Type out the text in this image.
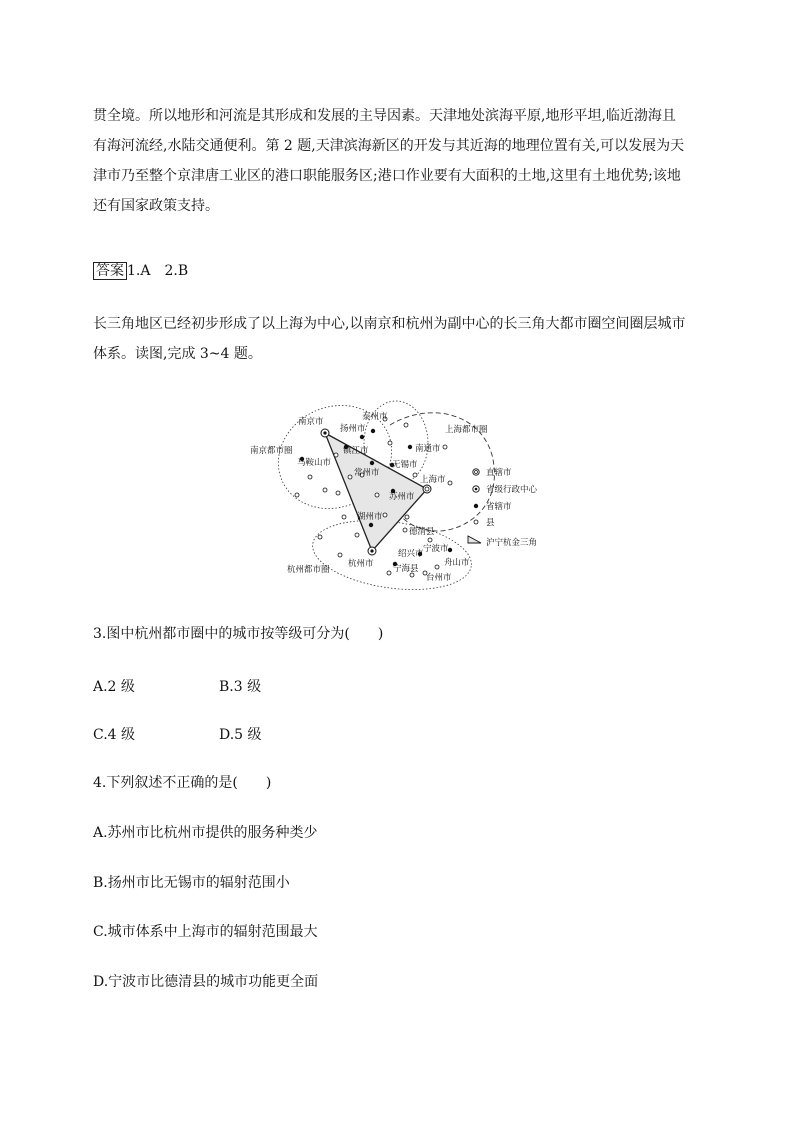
贯全境。所以地形和河流是其形成和发展的主导因素。天津地处滨海平原,地形平坦,临近渤海且
有海河流经,水陆交通便利。第 2 题,天津滨海新区的开发与其近海的地理位置有关,可以发展为天
津市乃至整个京津唐工业区的港口职能服务区;港口作业要有大面积的土地,这里有土地优势;该地
还有国家政策支持。
答案 1.A　2.B
长三角地区已经初步形成了以上海为中心,以南京和杭州为副中心的长三角大都市圈空间圈层城市
体系。读图,完成 3~4 题。
南京市	泰州市
扬州市	上海都市圈
南京都市圈	镇江市	南通市
马鞍山市
常州市
无锡市
上海市
苏州市
湖州市
德清县
绍兴市 宁波市
杭州市	舟山市
杭州都市圈	宁海县
台州市
直辖市
省级行政中心
省辖市
县
沪宁杭金三角
3.图中杭州都市圈中的城市按等级可分为(　　)
A.2 级	B.3 级
C.4 级	D.5 级
4.下列叙述不正确的是(　　)
A.苏州市比杭州市提供的服务种类少
B.扬州市比无锡市的辐射范围小
C.城市体系中上海市的辐射范围最大
D.宁波市比德清县的城市功能更全面
